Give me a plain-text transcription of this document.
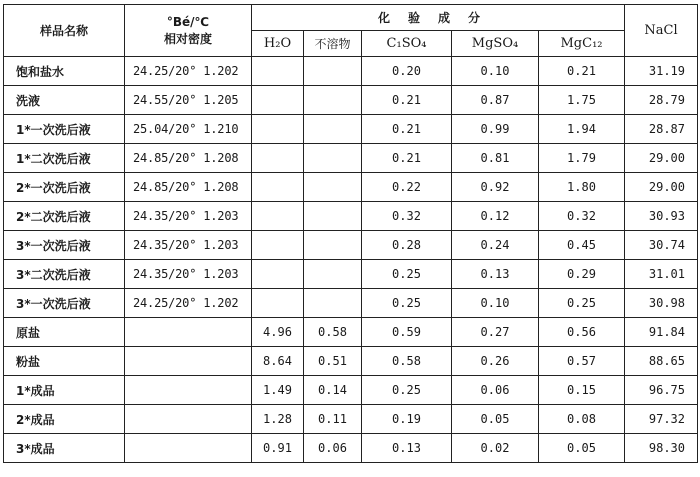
样品名称	°Bé/℃
相对密度	化验成分					NaCl
		H₂O	不溶物	C₁SO₄	MgSO₄	MgC₁₂	
饱和盐水	24.25/20° 1.202			0.20	0.10	0.21	31.19
洗液	24.55/20° 1.205			0.21	0.87	1.75	28.79
1*一次洗后液	25.04/20° 1.210			0.21	0.99	1.94	28.87
1*二次洗后液	24.85/20° 1.208			0.21	0.81	1.79	29.00
2*一次洗后液	24.85/20° 1.208			0.22	0.92	1.80	29.00
2*二次洗后液	24.35/20° 1.203			0.32	0.12	0.32	30.93
3*一次洗后液	24.35/20° 1.203			0.28	0.24	0.45	30.74
3*二次洗后液	24.35/20° 1.203			0.25	0.13	0.29	31.01
3*一次洗后液	24.25/20° 1.202			0.25	0.10	0.25	30.98
原盐		4.96	0.58	0.59	0.27	0.56	91.84
粉盐		8.64	0.51	0.58	0.26	0.57	88.65
1*成品		1.49	0.14	0.25	0.06	0.15	96.75
2*成品		1.28	0.11	0.19	0.05	0.08	97.32
3*成品		0.91	0.06	0.13	0.02	0.05	98.30
